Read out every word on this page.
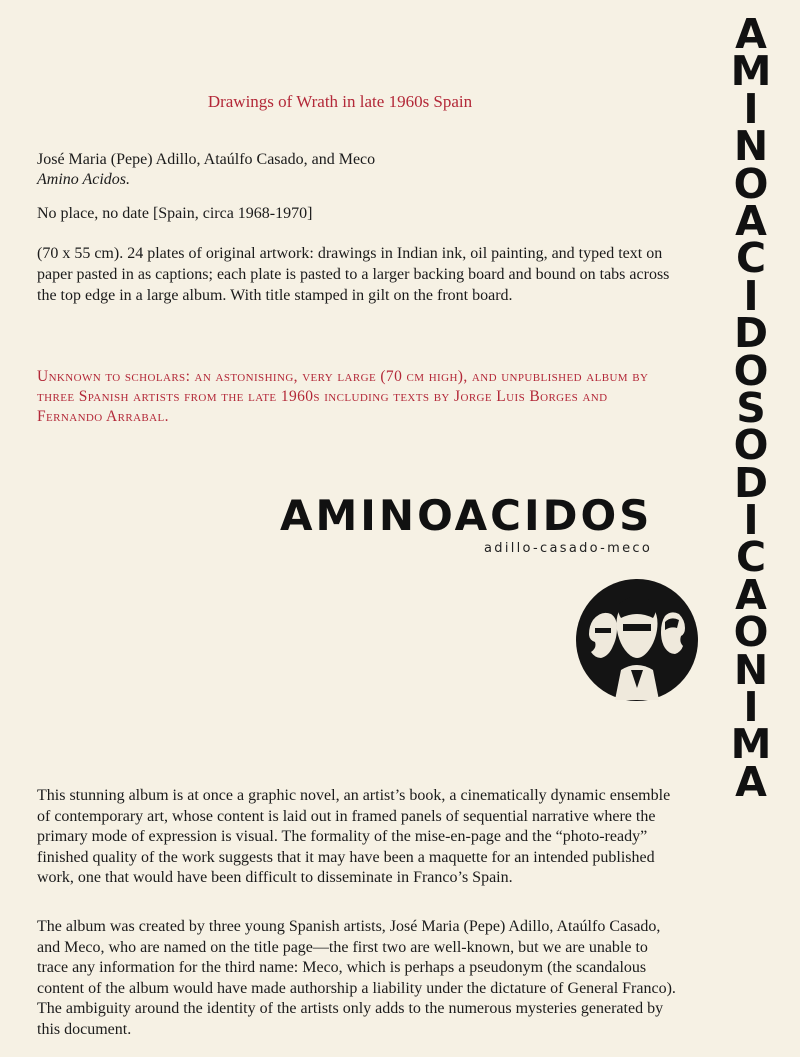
Drawings of Wrath in late 1960s Spain
José Maria (Pepe) Adillo, Ataúlfo Casado, and Meco
Amino Acidos.
No place, no date [Spain, circa 1968-1970]
(70 x 55 cm). 24 plates of original artwork: drawings in Indian ink, oil painting, and typed text on paper pasted in as captions; each plate is pasted to a larger backing board and bound on tabs across the top edge in a large album. With title stamped in gilt on the front board.
Unknown to scholars: an astonishing, very large (70 cm high), and unpublished album by three Spanish artists from the late 1960s including texts by Jorge Luis Borges and Fernando Arrabal.
AMINOACIDOS
adillo-casado-meco
A
M
I
N
O
A
C
I
D
O
S
O
D
I
C
A
O
N
I
M
A
This stunning album is at once a graphic novel, an artist’s book, a cinematically dynamic ensemble of contemporary art, whose content is laid out in framed panels of sequential narrative where the primary mode of expression is visual. The formality of the mise-en-page and the “photo-ready” finished quality of the work suggests that it may have been a maquette for an intended published work, one that would have been difficult to disseminate in Franco’s Spain.
The album was created by three young Spanish artists, José Maria (Pepe) Adillo, Ataúlfo Casado, and Meco, who are named on the title page—the first two are well-known, but we are unable to trace any information for the third name: Meco, which is perhaps a pseudonym (the scandalous content of the album would have made authorship a liability under the dictature of General Franco). The ambiguity around the identity of the artists only adds to the numerous mysteries generated by this document.
